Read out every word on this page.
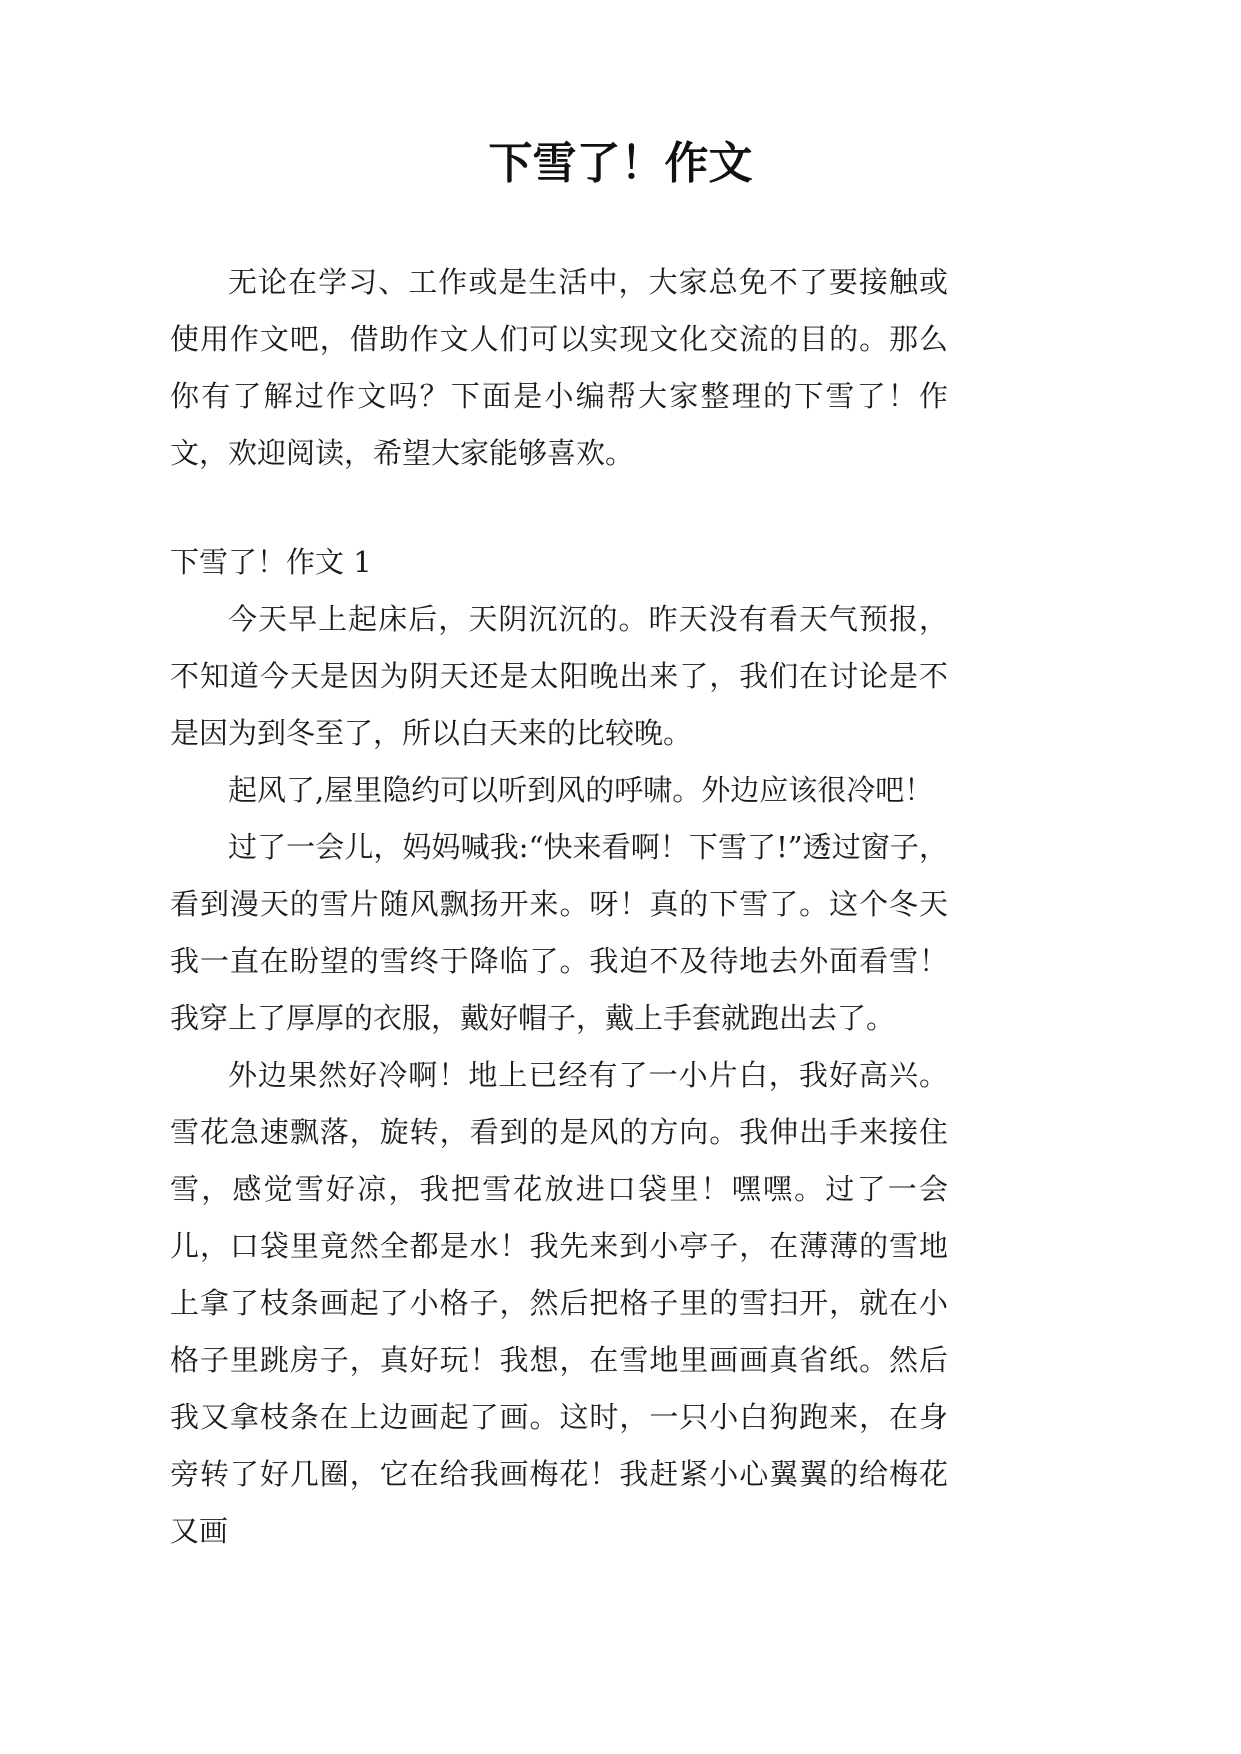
下雪了！作文

无论在学习、工作或是生活中，大家总免不了要接触或使用作文吧，借助作文人们可以实现文化交流的目的。那么你有了解过作文吗？下面是小编帮大家整理的下雪了！作文，欢迎阅读，希望大家能够喜欢。

下雪了！作文 1

今天早上起床后，天阴沉沉的。昨天没有看天气预报，不知道今天是因为阴天还是太阳晚出来了，我们在讨论是不是因为到冬至了，所以白天来的比较晚。

起风了,屋里隐约可以听到风的呼啸。外边应该很冷吧！

过了一会儿，妈妈喊我:“快来看啊！下雪了!”透过窗子，看到漫天的雪片随风飘扬开来。呀！真的下雪了。这个冬天我一直在盼望的雪终于降临了。我迫不及待地去外面看雪！我穿上了厚厚的衣服，戴好帽子，戴上手套就跑出去了。

外边果然好冷啊！地上已经有了一小片白，我好高兴。雪花急速飘落，旋转，看到的是风的方向。我伸出手来接住雪，感觉雪好凉，我把雪花放进口袋里！嘿嘿。过了一会儿，口袋里竟然全都是水！我先来到小亭子，在薄薄的雪地上拿了枝条画起了小格子，然后把格子里的雪扫开，就在小格子里跳房子，真好玩！我想，在雪地里画画真省纸。然后我又拿枝条在上边画起了画。这时，一只小白狗跑来，在身旁转了好几圈，它在给我画梅花！我赶紧小心翼翼的给梅花又画
